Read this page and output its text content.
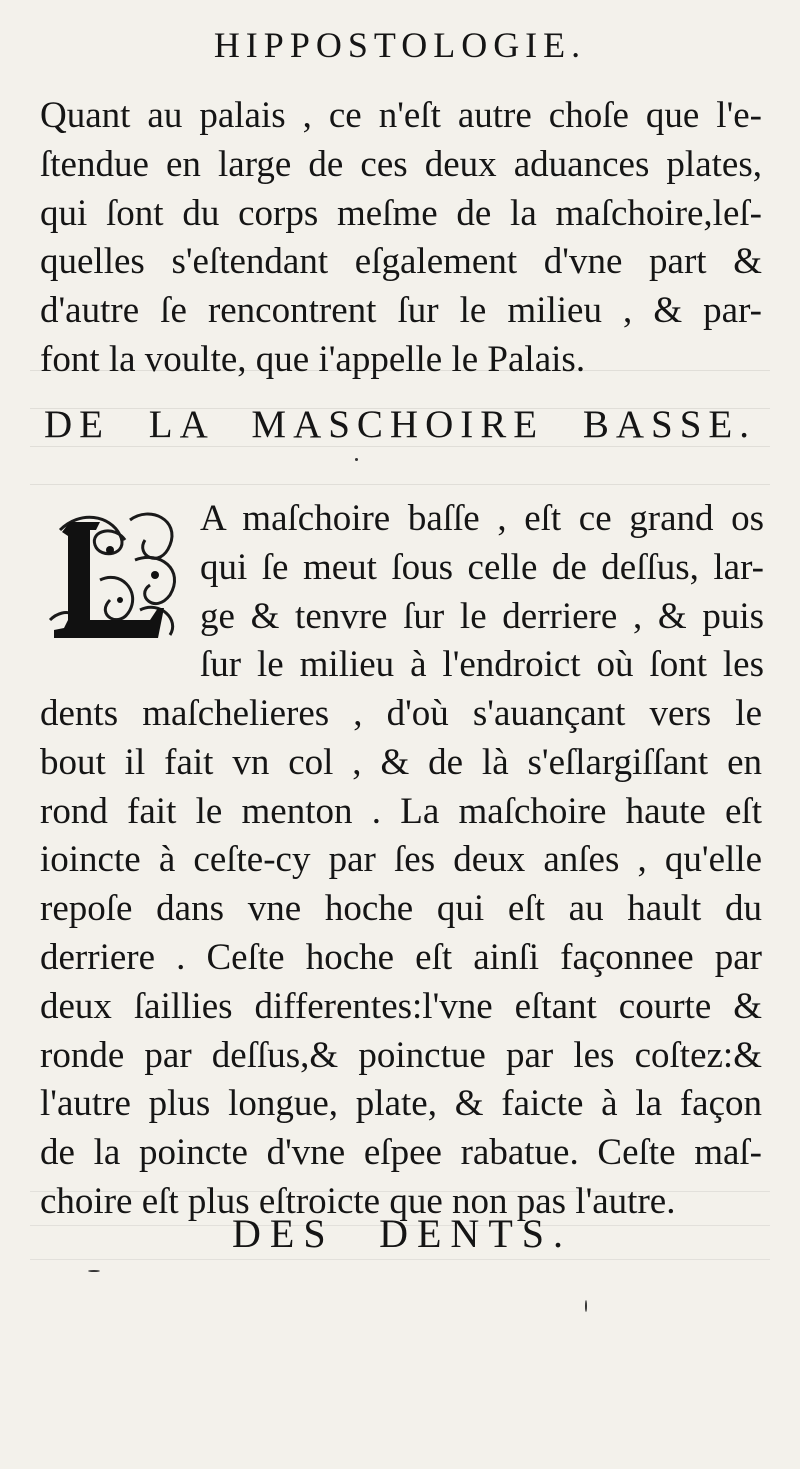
HIPPOSTOLOGIE.
Quant au palais , ce n'eſt autre choſe que l'e-
ſtendue en large de ces deux aduances plates,
qui ſont du corps meſme de la maſchoire,leſ-
quelles s'eſtendant eſgalement d'vne part &
d'autre ſe rencontrent ſur le milieu , & par-
font la voulte, que i'appelle le Palais.
DE LA MASCHOIRE BASSE.
A maſchoire baſſe , eſt ce grand os
qui ſe meut ſous celle de deſſus, lar-
ge & tenvre ſur le derriere , & puis
ſur le milieu à l'endroict où ſont les
dents maſchelieres , d'où s'auançant vers le
bout il fait vn col , & de là s'eſlargiſſant en
rond fait le menton . La maſchoire haute eſt
ioincte à ceſte-cy par ſes deux anſes , qu'elle
repoſe dans vne hoche qui eſt au hault du
derriere . Ceſte hoche eſt ainſi façonnee par
deux ſaillies differentes:l'vne eſtant courte &
ronde par deſſus,& poinctue par les coſtez:&
l'autre plus longue, plate, & faicte à la façon
de la poincte d'vne eſpee rabatue. Ceſte maſ-
choire eſt plus eſtroicte que non pas l'autre.
DES DENTS.
